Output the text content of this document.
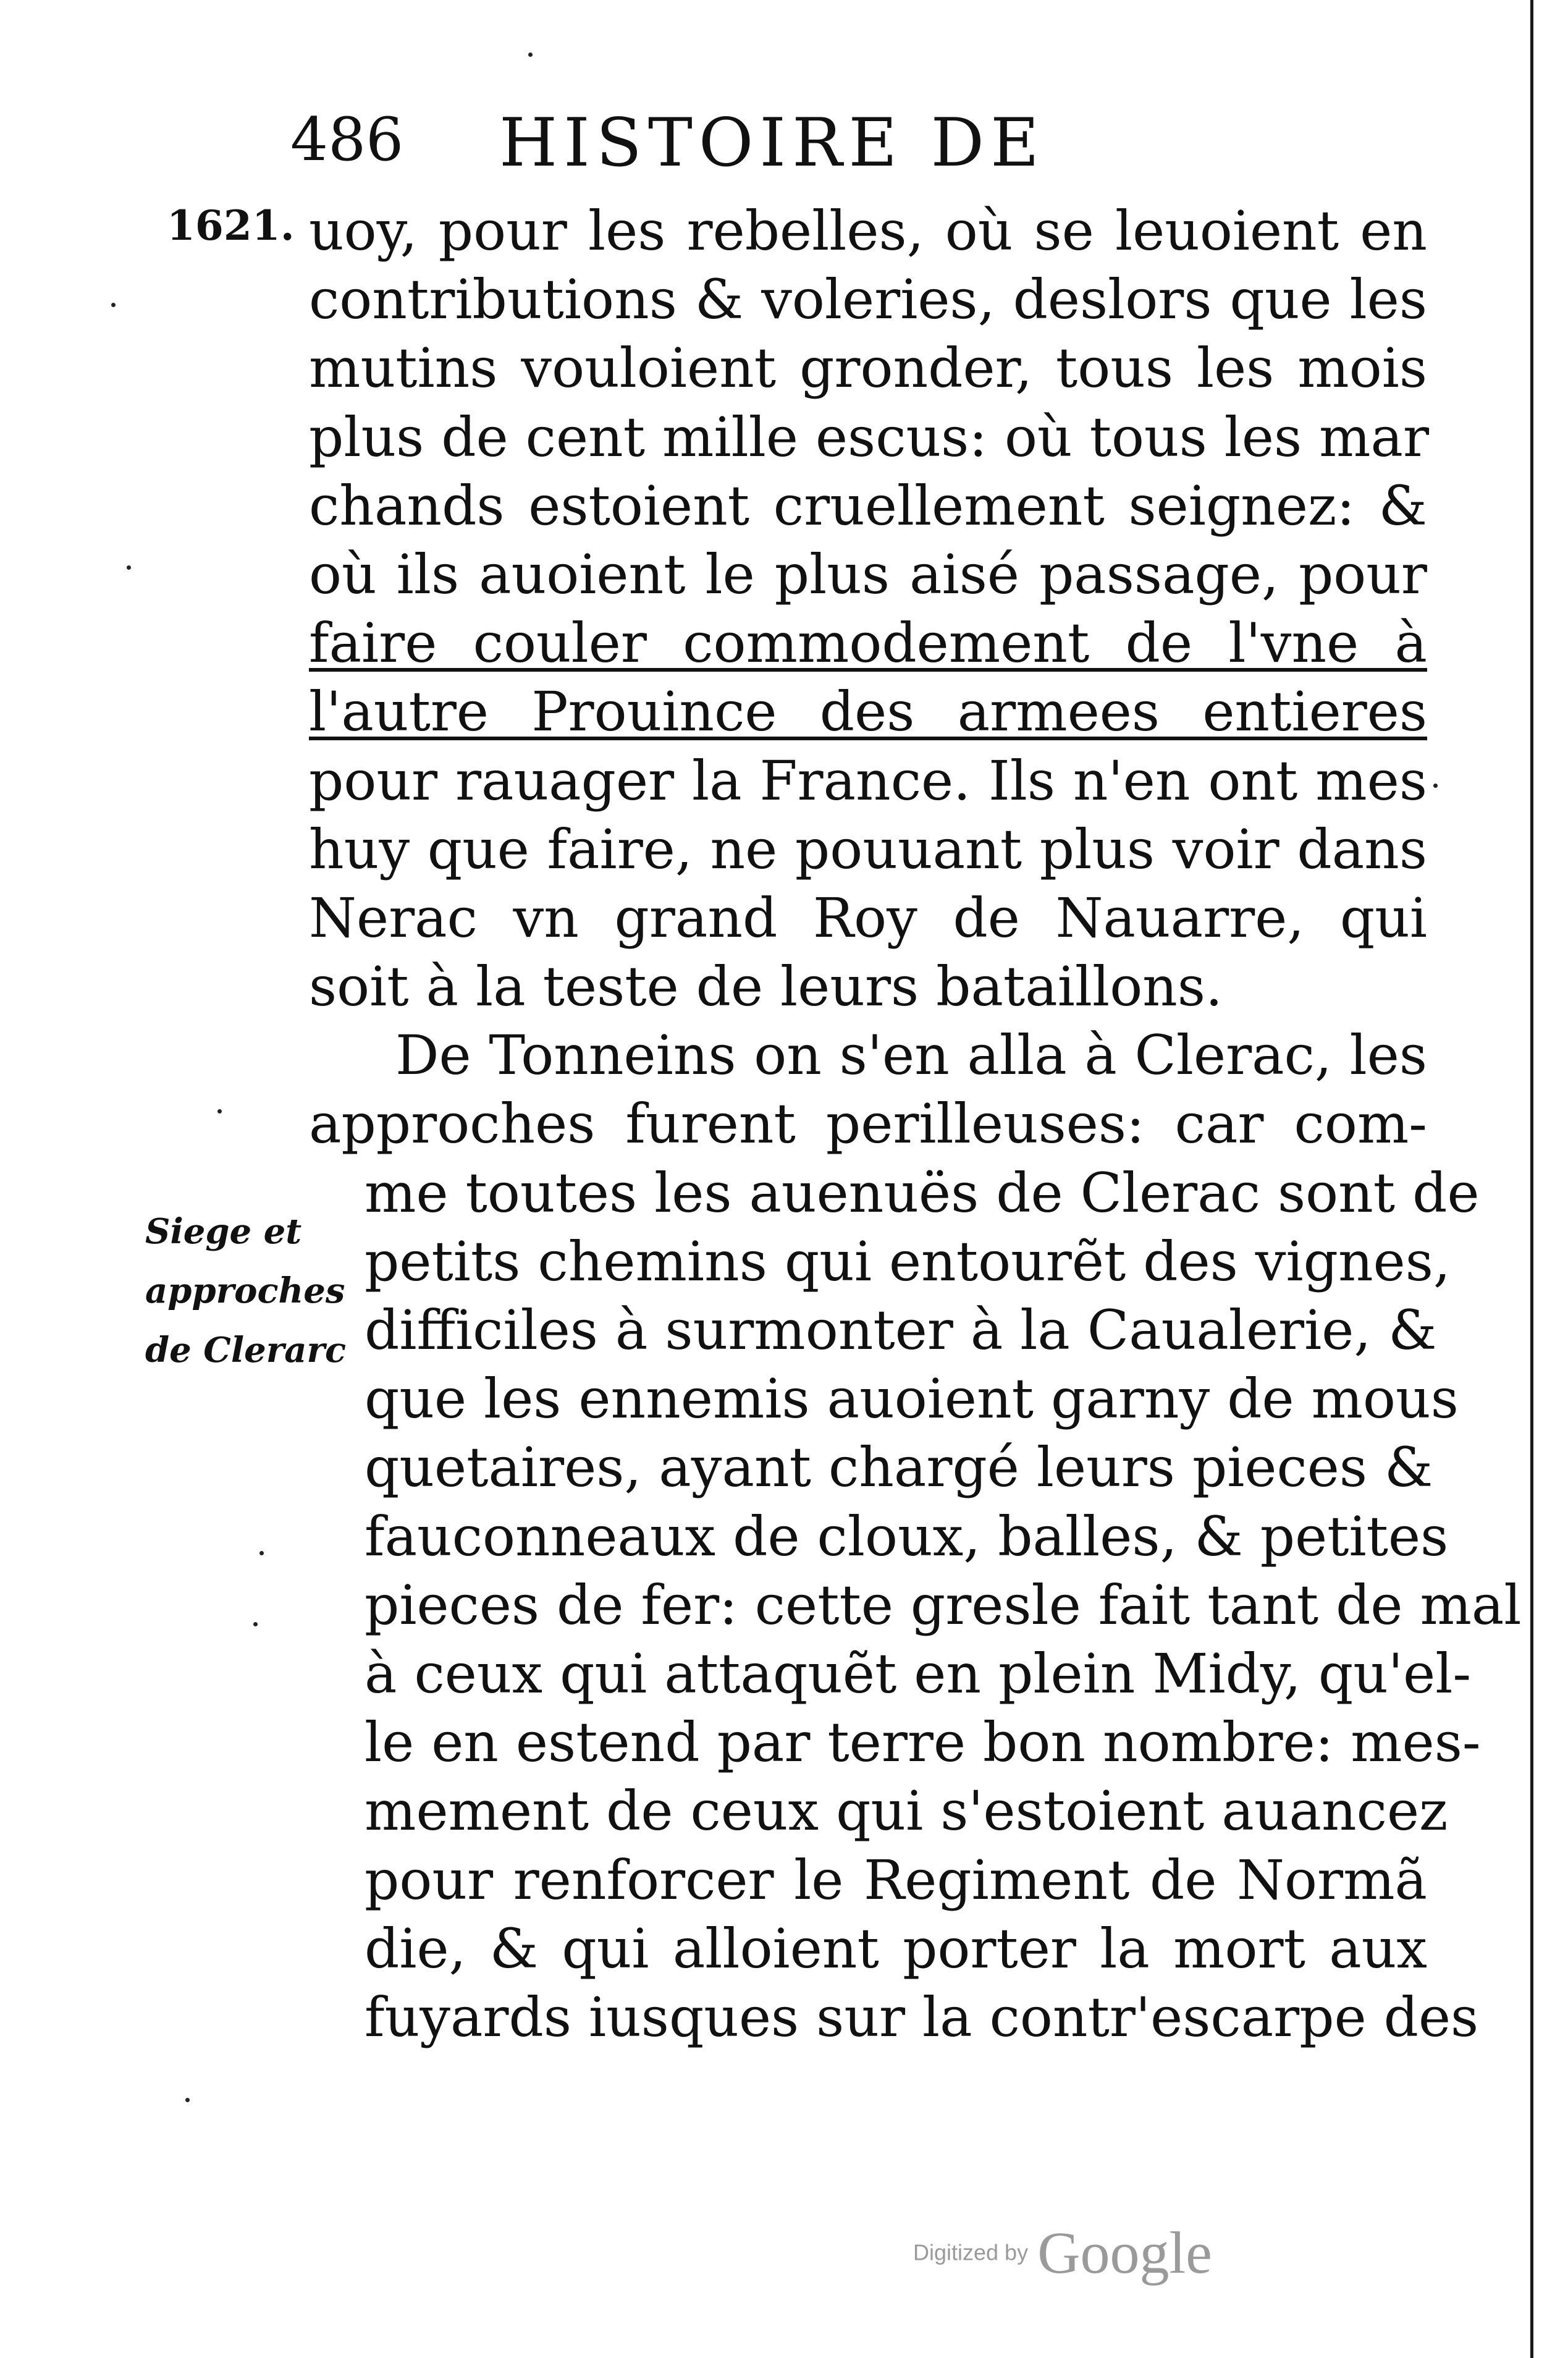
486 HISTOIRE DE
1621. uoy, pour les rebelles, où se leuoient en
contributions & voleries, deslors que les
mutins vouloient gronder, tous les mois
plus de cent mille escus: où tous les mar
chands estoient cruellement seignez: &
où ils auoient le plus aisé passage, pour
faire couler commodement de l'vne à
l'autre Prouince des armees entieres
pour rauager la France. Ils n'en ont mes
huy que faire, ne pouuant plus voir dans
Nerac vn grand Roy de Nauarre, qui
soit à la teste de leurs bataillons.
De Tonneins on s'en alla à Clerac, les
approches furent perilleuses: car com-
me toutes les auenuës de Clerac sont de
petits chemins qui entourẽt des vignes,
difficiles à surmonter à la Caualerie, &
que les ennemis auoient garny de mous
quetaires, ayant chargé leurs pieces &
fauconneaux de cloux, balles, & petites
pieces de fer: cette gresle fait tant de mal
à ceux qui attaquẽt en plein Midy, qu'el-
le en estend par terre bon nombre: mes-
mement de ceux qui s'estoient auancez
pour renforcer le Regiment de Normã
die, & qui alloient porter la mort aux
fuyards iusques sur la contr'escarpe des
Siege et
approches
de Clerarc
Digitized by Google
